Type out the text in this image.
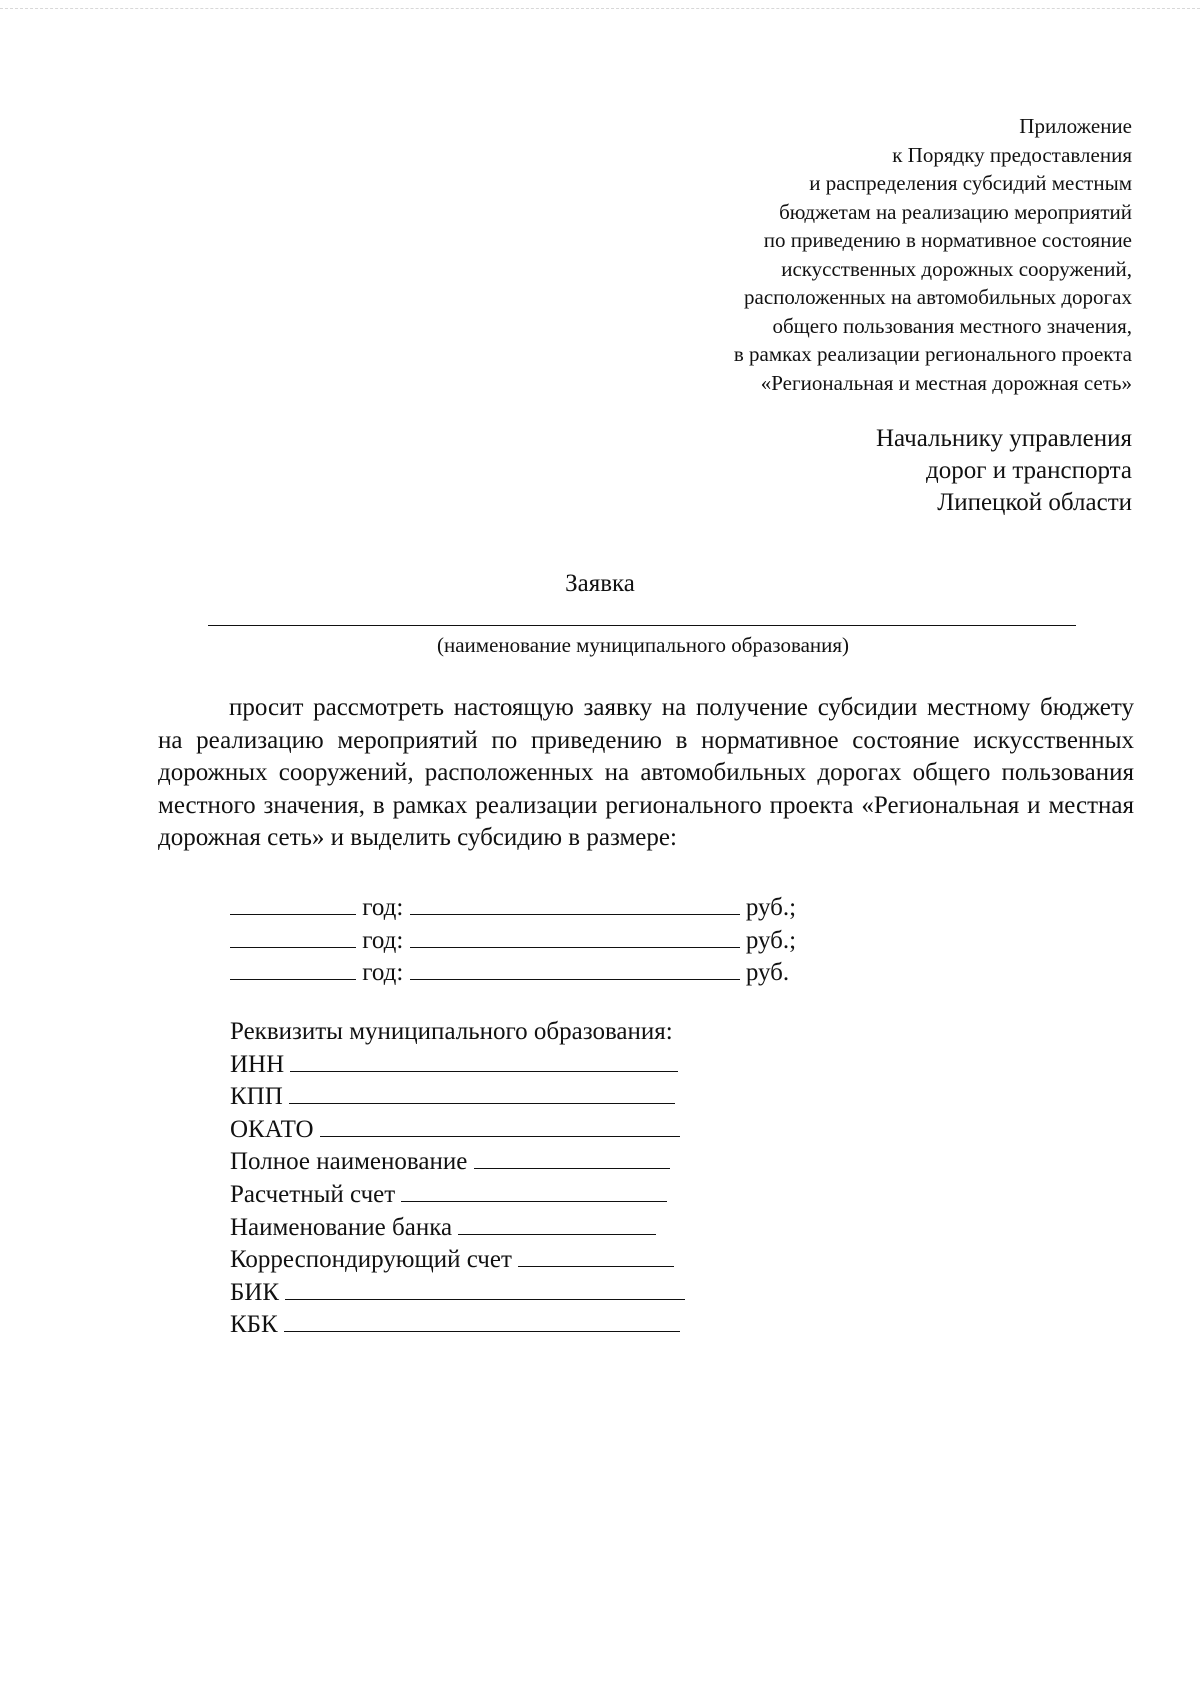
Приложение
к Порядку предоставления
и распределения субсидий местным
бюджетам на реализацию мероприятий
по приведению в нормативное состояние
искусственных дорожных сооружений,
расположенных на автомобильных дорогах
общего пользования местного значения,
в рамках реализации регионального проекта
«Региональная и местная дорожная сеть»
Начальнику управления
дорог и транспорта
Липецкой области
Заявка
(наименование муниципального образования)

просит рассмотреть настоящую заявку на получение субсидии местному бюджету на реализацию мероприятий по приведению в нормативное состояние искусственных дорожных сооружений, расположенных на автомобильных дорогах общего пользования местного значения, в рамках реализации регионального проекта «Региональная и местная дорожная сеть» и выделить субсидию в размере:

год:	руб.;
год:	руб.;
год:	руб.
Реквизиты муниципального образования:
ИНН
КПП
ОКАТО
Полное наименование
Расчетный счет
Наименование банка
Корреспондирующий счет
БИК
КБК
